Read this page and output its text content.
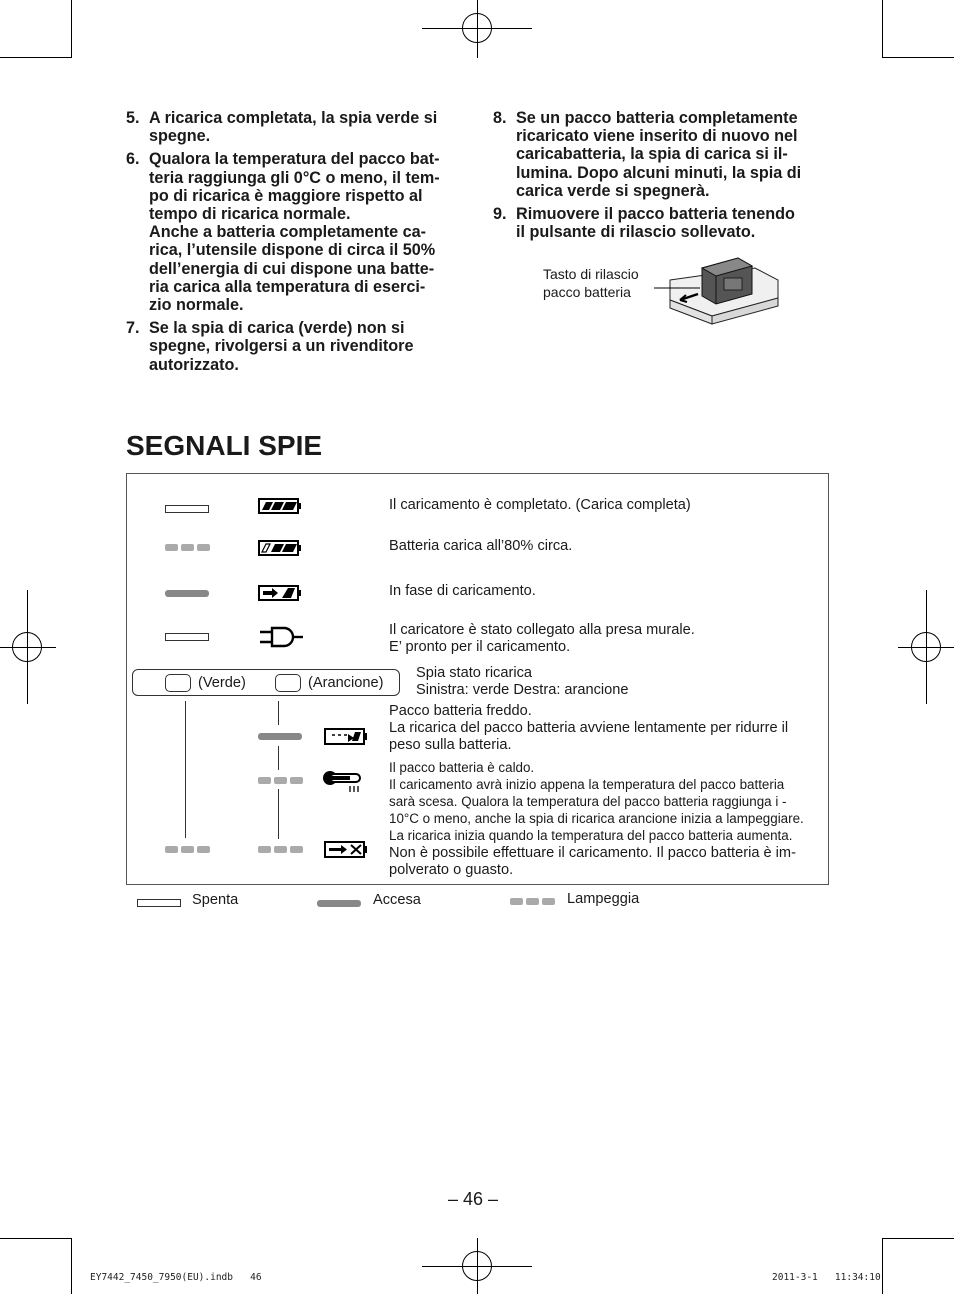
5. A ricarica completata, la spia verde si
spegne.
6. Qualora la temperatura del pacco bat-
teria raggiunga gli 0°C o meno, il tem-
po di ricarica è maggiore rispetto al
tempo di ricarica normale.
Anche a batteria completamente ca-
rica, l’utensile dispone di circa il 50%
dell’energia di cui dispone una batte-
ria carica alla temperatura di eserci-
zio normale.
7. Se la spia di carica (verde) non si
spegne, rivolgersi a un rivenditore
autorizzato.
8. Se un pacco batteria completamente
ricaricato viene inserito di nuovo nel
caricabatteria, la spia di carica si il-
lumina. Dopo alcuni minuti, la spia di
carica verde si spegnerà.
9. Rimuovere il pacco batteria tenendo
il pulsante di rilascio sollevato.
Tasto di rilascio
pacco batteria
SEGNALI SPIE
Il caricamento è completato. (Carica completa)
Batteria carica all’80% circa.
In fase di caricamento.
Il caricatore è stato collegato alla presa murale.
E’ pronto per il caricamento.
(Verde)	(Arancione)
Spia stato ricarica
Sinistra: verde Destra: arancione
Pacco batteria freddo.
La ricarica del pacco batteria avviene lentamente per ridurre il
peso sulla batteria.
Il pacco batteria è caldo.
Il caricamento avrà inizio appena la temperatura del pacco batteria
sarà scesa. Qualora la temperatura del pacco batteria raggiunga i -
10°C o meno, anche la spia di ricarica arancione inizia a lampeggiare.
La ricarica inizia quando la temperatura del pacco batteria aumenta.
Non è possibile effettuare il caricamento. Il pacco batteria è im-
polverato o guasto.
Spenta	Accesa	Lampeggia
– 46 –
EY7442_7450_7950(EU).indb   46	2011-3-1   11:34:10
